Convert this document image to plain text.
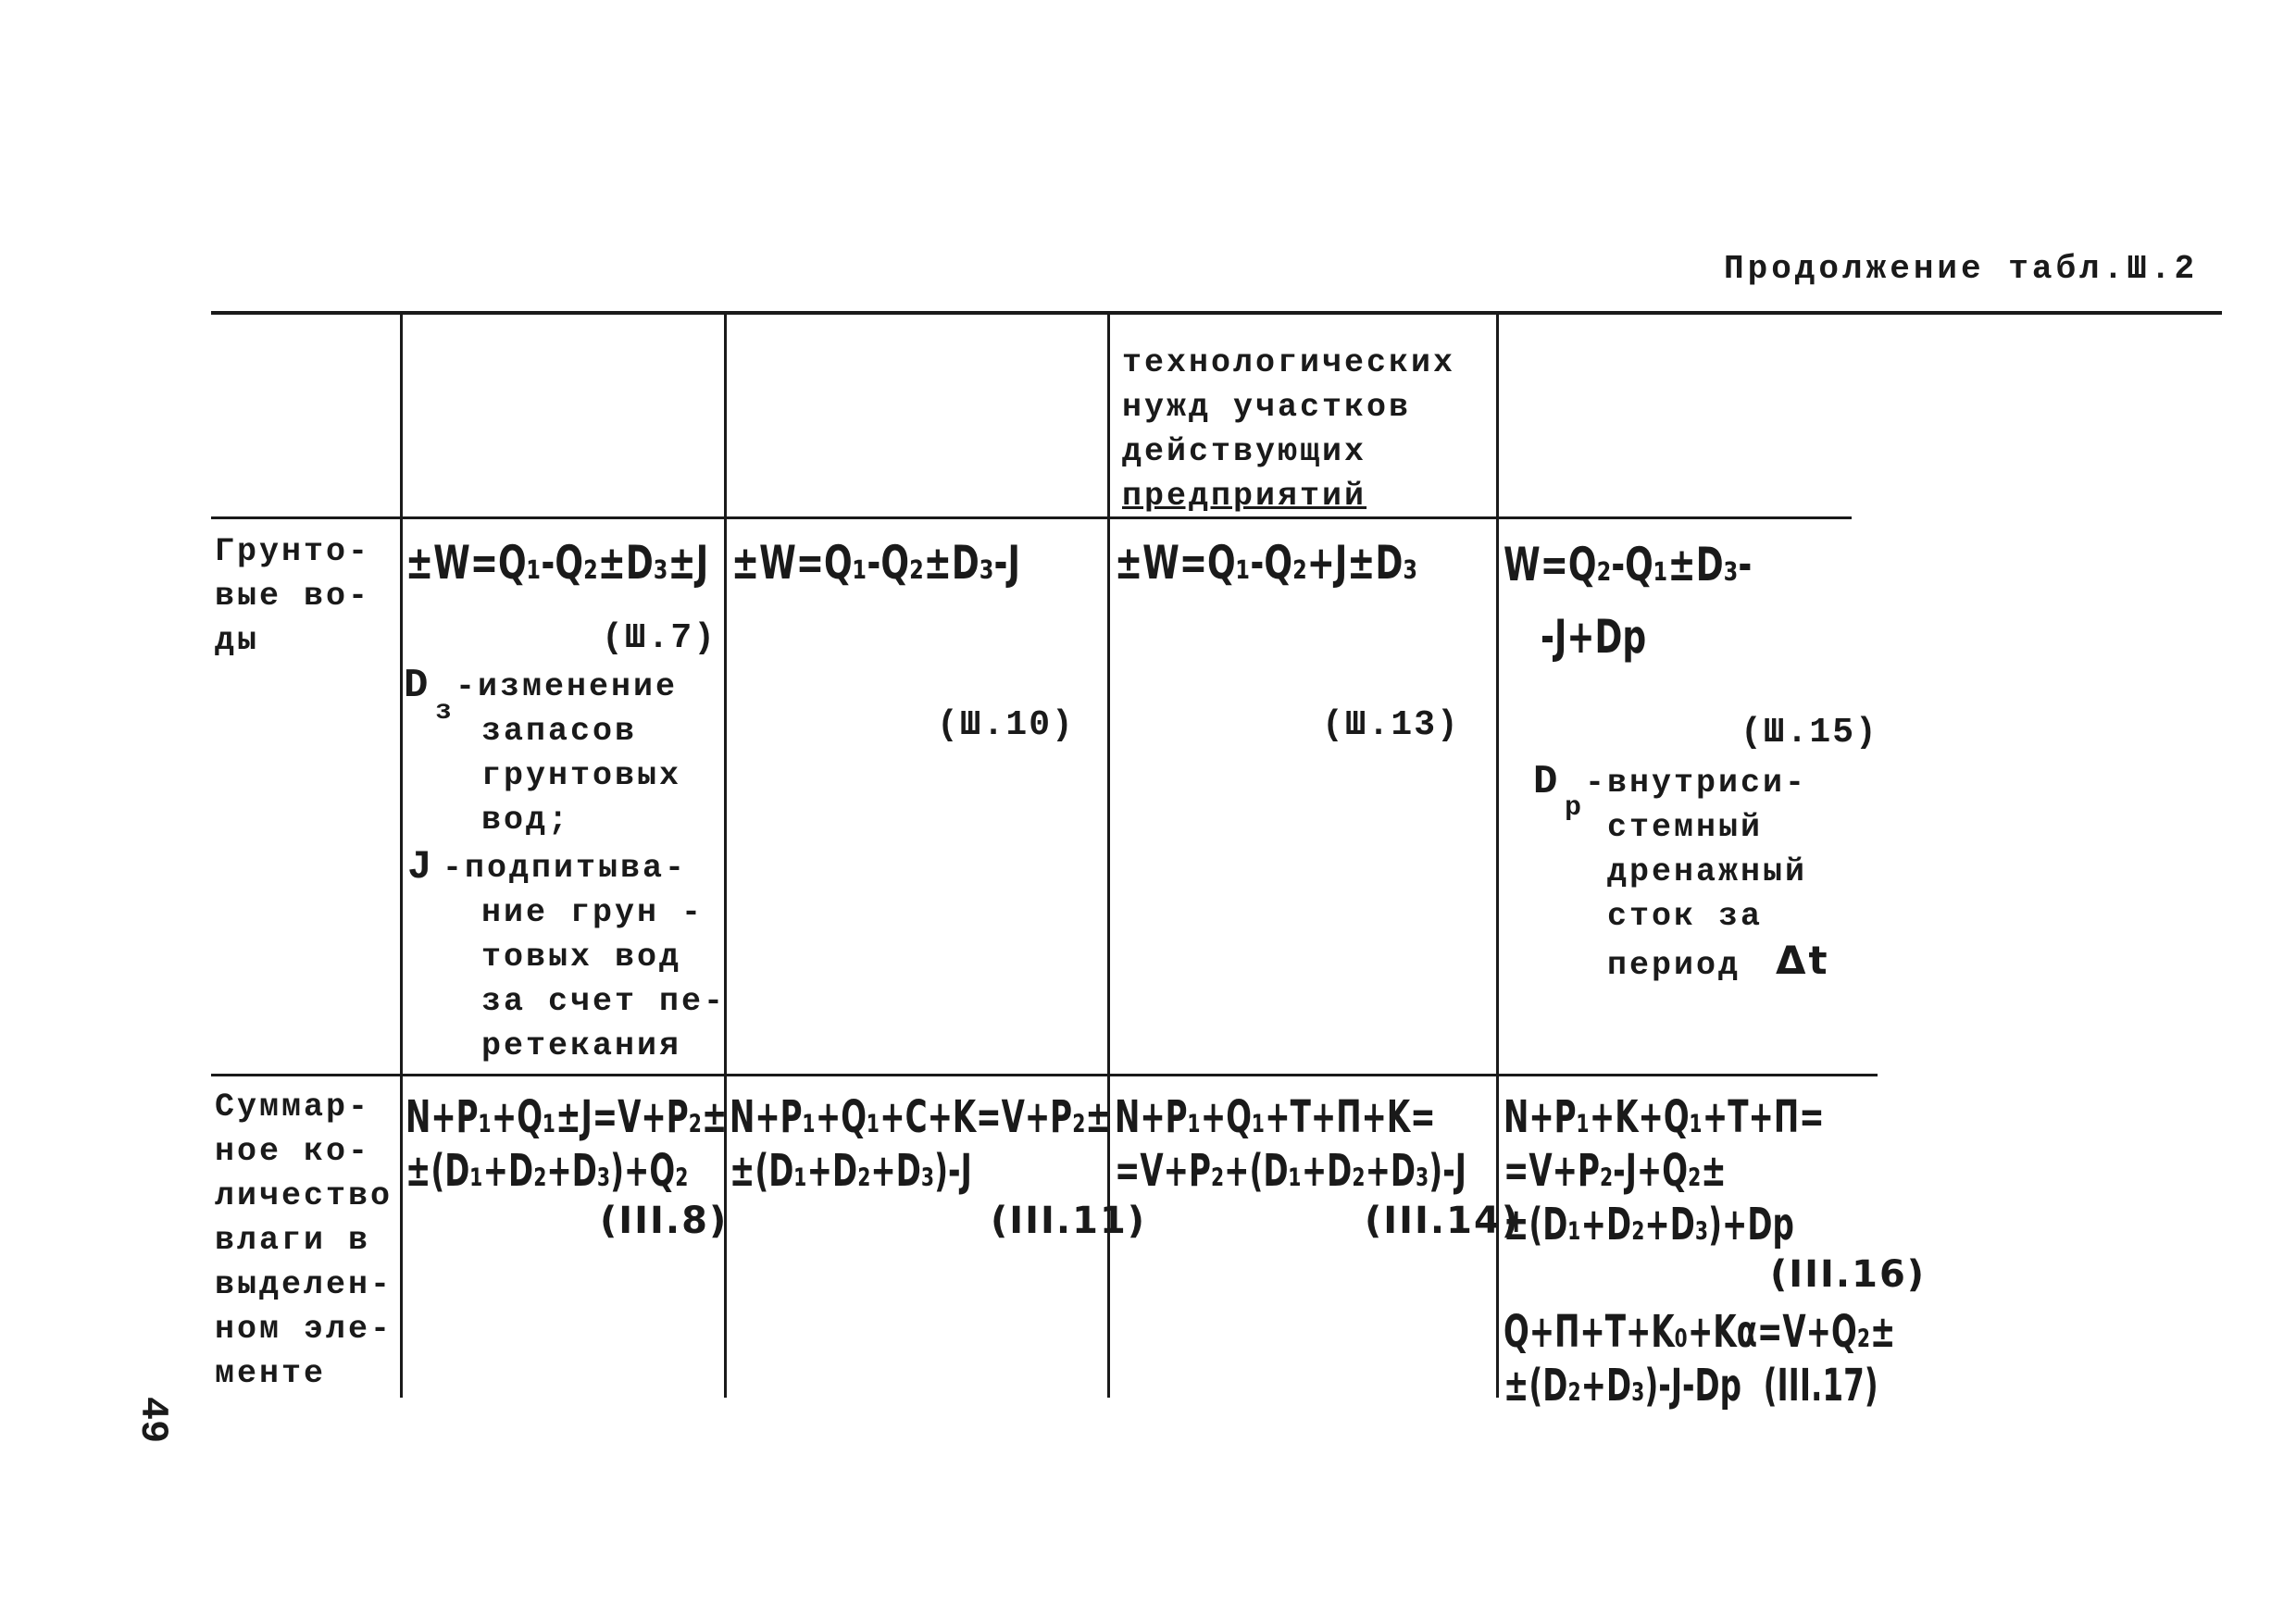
Продолжение табл.Ш.2
технологических
нужд участков
действующих
предприятий
Грунто-
вые во-
ды
±W=Q₁-Q₂±D₃±J
(Ш.7)
D
з
-изменение
запасов
грунтовых
вод;
J -подпитыва-
ние грун -
товых вод
за счет пе-
ретекания
±W=Q₁-Q₂±D₃-J
(Ш.10)
±W=Q₁-Q₂+J±D₃
(Ш.13)
W=Q₂-Q₁±D₃-
-J+Dp
(Ш.15)
D
р
-внутриси-
стемный
дренажный
сток за
период Δt
Суммар-
ное ко-
личество
влаги в
выделен-
ном эле-
менте
N+P₁+Q₁±J=V+P₂±
±(D₁+D₂+D₃)+Q₂
(III.8)
N+P₁+Q₁+C+K=V+P₂±
±(D₁+D₂+D₃)-J
(III.11)
N+P₁+Q₁+T+П+K=
=V+P₂+(D₁+D₂+D₃)-J
(III.14)
N+P₁+K+Q₁+T+П=
=V+P₂-J+Q₂±
±(D₁+D₂+D₃)+Dp
(III.16)
Q+П+T+K₀+Kα=V+Q₂±
±(D₂+D₃)-J-Dp (III.17)
49
